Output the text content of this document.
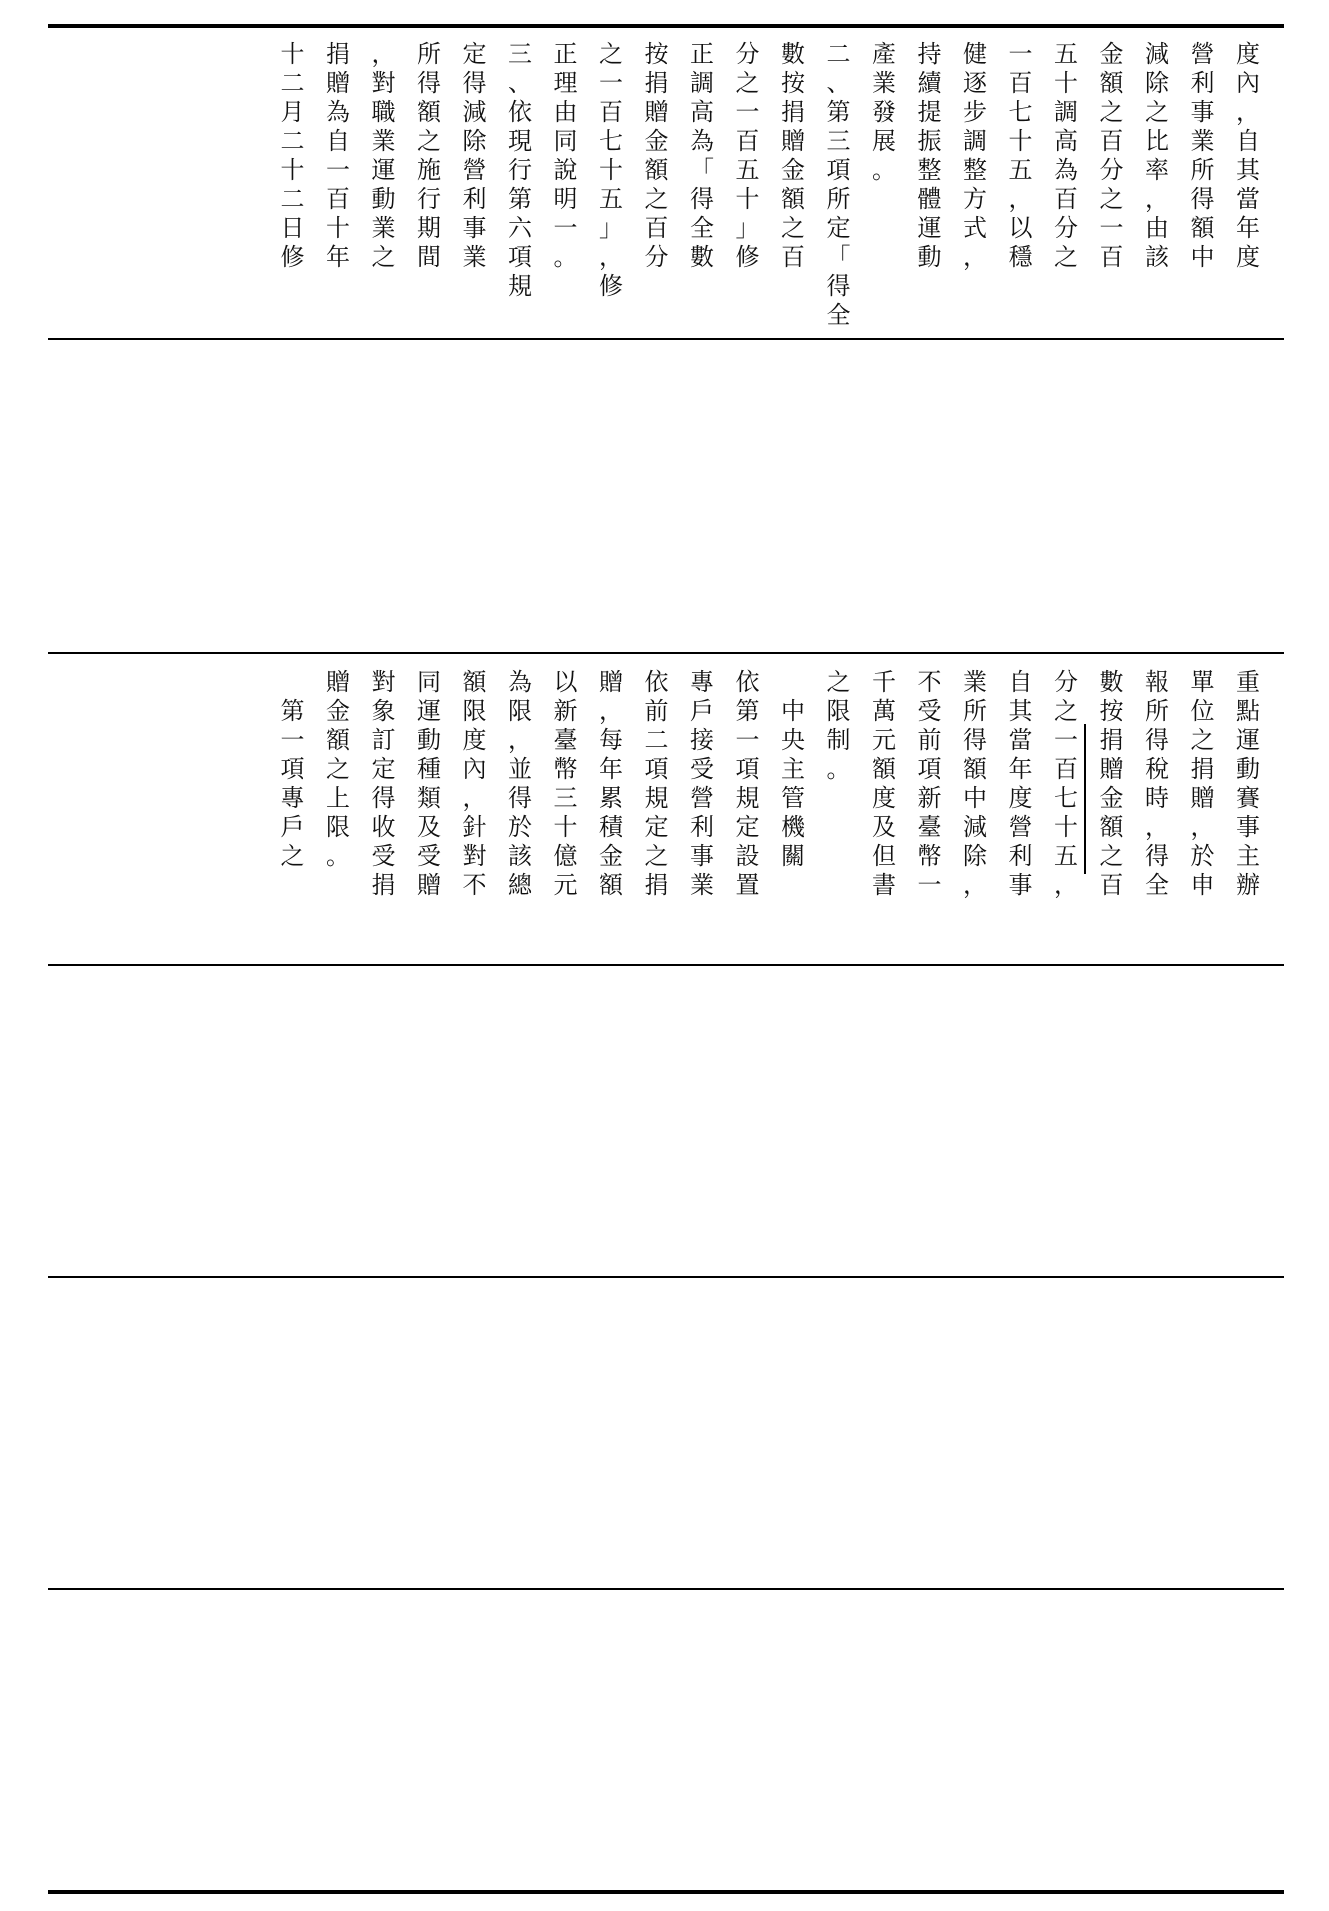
度
內
，
自
其
當
年
度
營
利
事
業
所
得
額
中
減
除
之
比
率
，
由
該
金
額
之
百
分
之
一
百
五
十
調
高
為
百
分
之
一
百
七
十
五
，
以
穩
健
逐
步
調
整
方
式
，
持
續
提
振
整
體
運
動
產
業
發
展
。
二
、
第
三
項
所
定
「
得
全
數
按
捐
贈
金
額
之
百
分
之
一
百
五
十
」
修
正
調
高
為
「
得
全
數
按
捐
贈
金
額
之
百
分
之
一
百
七
十
五
」
，
修
正
理
由
同
說
明
一
。
三
、
依
現
行
第
六
項
規
定
得
減
除
營
利
事
業
所
得
額
之
施
行
期
間
，
對
職
業
運
動
業
之
捐
贈
為
自
一
百
十
年
十
二
月
二
十
二
日
修
重
點
運
動
賽
事
主
辦
單
位
之
捐
贈
，
於
申
報
所
得
稅
時
，
得
全
數
按
捐
贈
金
額
之
百
分
之
一
百
七
十
五
，
自
其
當
年
度
營
利
事
業
所
得
額
中
減
除
，
不
受
前
項
新
臺
幣
一
千
萬
元
額
度
及
但
書
之
限
制
。

中
央
主
管
機
關
依
第
一
項
規
定
設
置
專
戶
接
受
營
利
事
業
依
前
二
項
規
定
之
捐
贈
，
每
年
累
積
金
額
以
新
臺
幣
三
十
億
元
為
限
，
並
得
於
該
總
額
限
度
內
，
針
對
不
同
運
動
種
類
及
受
贈
對
象
訂
定
得
收
受
捐
贈
金
額
之
上
限
。

第
一
項
專
戶
之
